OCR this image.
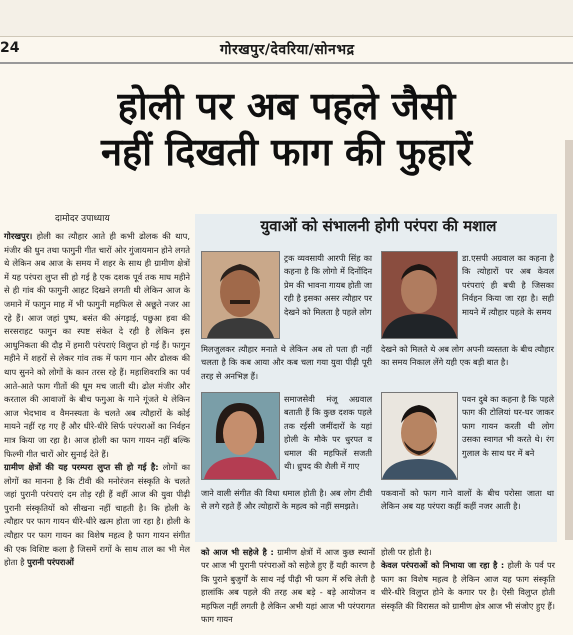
24	गोरखपुर/देवरिया/सोनभद्र
होली पर अब पहले जैसी
नहीं दिखती फाग की फुहारें
दामोदर उपाध्याय

गोरखपुर। होली का त्यौहार आते ही कभी ढोलक की थाप, मंजीर की धुन तथा फागुनी गीत चारों ओर गुंजायमान होने लगते थे लेकिन अब आज के समय में शहर के साथ ही ग्रामीण क्षेत्रों में यह परंपरा लुप्त सी हो गई है एक दशक पूर्व तक माघ महीने से ही गांव की फागुनी आहट दिखने लगती थी लेकिन आज के जमाने में फागुन माह में भी फागुनी महफिल से अछूते नजर आ रहे हैं। आज जहां पुष्प, बसंत की अंगड़ाई, पछुआ हवा की सरसराहट फागुन का स्पष्ट संकेत दे रही है लेकिन इस आधुनिकता की दौड़ में हमारी परंपराएं विलुप्त हो गई हैं। फागुन महीने में शहरों से लेकर गांव तक में फाग गान और ढोलक की थाप सुनने को लोगों के कान तरस रहे हैं। महाशिवरात्रि का पर्व आते-आते फाग गीतों की धूम मच जाती थी। ढोल मंजीर और करताल की आवाजों के बीच फगुआ के गाने गूंजते थे लेकिन आज भेदभाव व वैमनस्यता के चलते अब त्यौहारों के कोई मायने नहीं रह गए हैं और धीरे-धीरे सिर्फ परंपराओं का निर्वहन मात्र किया जा रहा है। आज होली का फाग गायन नहीं बल्कि फिल्मी गीत चारों ओर सुनाई देते हैं।

ग्रामीण क्षेत्रों की यह परम्परा लुप्त सी हो गई है: लोगों का लोगों का मानना है कि टीवी की मनोरंजन संस्कृति के चलते जहां पुरानी परंपराएं दम तोड़ रही हैं वहीं आज की युवा पीढ़ी पुरानी संस्कृतियों को सीखना नहीं चाहती है। कि होली के त्यौहार पर फाग गायन धीरे-धीरे खत्म होता जा रहा है। होली के त्यौहार पर फाग गायन का विशेष महत्व है फाग गायन संगीत की एक विशिष्ट कला है जिसमें रागों के साथ ताल का भी मेल होता है पुरानी परंपराओं

युवाओं को संभालनी होगी परंपरा की मशाल
ट्रक व्यवसायी आरपी सिंह का कहना है कि लोगो में दिनोंदिन प्रेम की भावना गायब होती जा रही है इसका असर त्यौहार पर देखने को मिलता है पहले लोग
मिलजुलकर त्यौहार मनाते थे लेकिन अब तो पता ही नहीं चलता है कि कब आया और कब चला गया युवा पीढ़ी पूरी तरह से अनभिज्ञ हैं।
डा.एसपी अग्रवाल का कहना है कि त्योहारों पर अब केवल परंपराएं ही बची है जिसका निर्वहन किया जा रहा है। सही मायने में त्यौहार पहले के समय
देखने को मिलते थे अब लोग अपनी व्यस्तता के बीच त्यौहार का समय निकाल लेंगे यही एक बड़ी बात है।
समाजसेवी मंजू अग्रवाल बताती हैं कि कुछ दशक पहले तक रईसी जमींदारों के यहां होली के मौके पर धुरपत व धमाल की महफिलें सजती थी। ध्रुपद की शैली में गाए
जाने वाली संगीत की विधा धमाल होती है। अब लोग टीवी से लगे रहते हैं और त्योहारों के महत्व को नहीं समझते।
पवन दुबे का कहना है कि पहले फाग की टोलियां घर-घर जाकर फाग गायन करती थी लोग उसका स्वागत भी करते थे। रंग गुलाल के साथ घर में बने
पकवानों को फाग गाने वालों के बीच परोसा जाता था लेकिन अब यह परंपरा कहीं कहीं नजर आती है।
को आज भी सहेजे है : ग्रामीण क्षेत्रों में आज कुछ स्थानों पर आज भी पुरानी परंपराओं को सहेजे हुए हैं यही कारण है कि पुराने बुजुर्गों के साथ नई पीढ़ी भी फाग में रुचि लेती है हालांकि अब पहले की तरह अब बड़े - बड़े आयोजन व महफिल नहीं लगती है लेकिन अभी यहां आज भी परंपरागत फाग गायन
होली पर होती है।
केवल परंपराओं को निभाया जा रहा है : होली के पर्व पर फाग का विशेष महत्व है लेकिन आज यह फाग संस्कृति धीरे-धीरे विलुप्त होने के कगार पर है। ऐसी विलुप्त होती संस्कृति की विरासत को ग्रामीण क्षेत्र आज भी संजोए हुए हैं।
